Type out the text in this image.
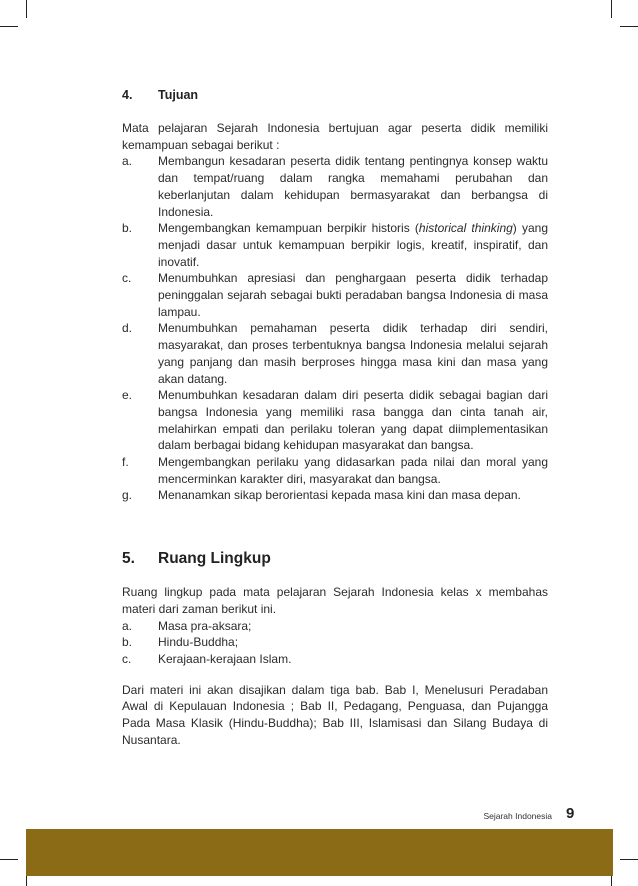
4.	Tujuan

Mata pelajaran Sejarah Indonesia bertujuan agar peserta didik memiliki kemampuan sebagai berikut :

a.	Membangun kesadaran peserta didik tentang pentingnya konsep waktu dan tempat/ruang dalam rangka memahami perubahan dan keberlanjutan dalam kehidupan bermasyarakat dan berbangsa di Indonesia.
b.	Mengembangkan kemampuan berpikir historis (historical thinking) yang menjadi dasar untuk kemampuan berpikir logis, kreatif, inspiratif, dan inovatif.
c.	Menumbuhkan apresiasi dan penghargaan peserta didik terhadap peninggalan sejarah sebagai bukti peradaban bangsa Indonesia di masa lampau.
d.	Menumbuhkan pemahaman peserta didik terhadap diri sendiri, masyarakat, dan proses terbentuknya bangsa Indonesia melalui sejarah yang panjang dan masih berproses hingga masa kini dan masa yang akan datang.
e.	Menumbuhkan kesadaran dalam diri peserta didik sebagai bagian dari bangsa Indonesia yang memiliki rasa bangga dan cinta tanah air, melahirkan empati dan perilaku toleran yang dapat diimplementasikan dalam berbagai bidang kehidupan masyarakat dan bangsa.
f.	Mengembangkan perilaku yang didasarkan pada nilai dan moral yang mencerminkan karakter diri, masyarakat dan bangsa.
g.	Menanamkan sikap berorientasi kepada masa kini dan masa depan.
5.	Ruang Lingkup

Ruang lingkup pada mata pelajaran Sejarah Indonesia kelas x membahas materi dari zaman berikut ini.

a.	Masa pra-aksara;
b.	Hindu-Buddha;
c.	Kerajaan-kerajaan Islam.

Dari materi ini akan disajikan dalam tiga bab. Bab I, Menelusuri Peradaban Awal di Kepulauan Indonesia ; Bab II, Pedagang, Penguasa, dan Pujangga Pada Masa Klasik (Hindu-Buddha); Bab III, Islamisasi dan Silang Budaya di Nusantara.

Sejarah Indonesia 9
